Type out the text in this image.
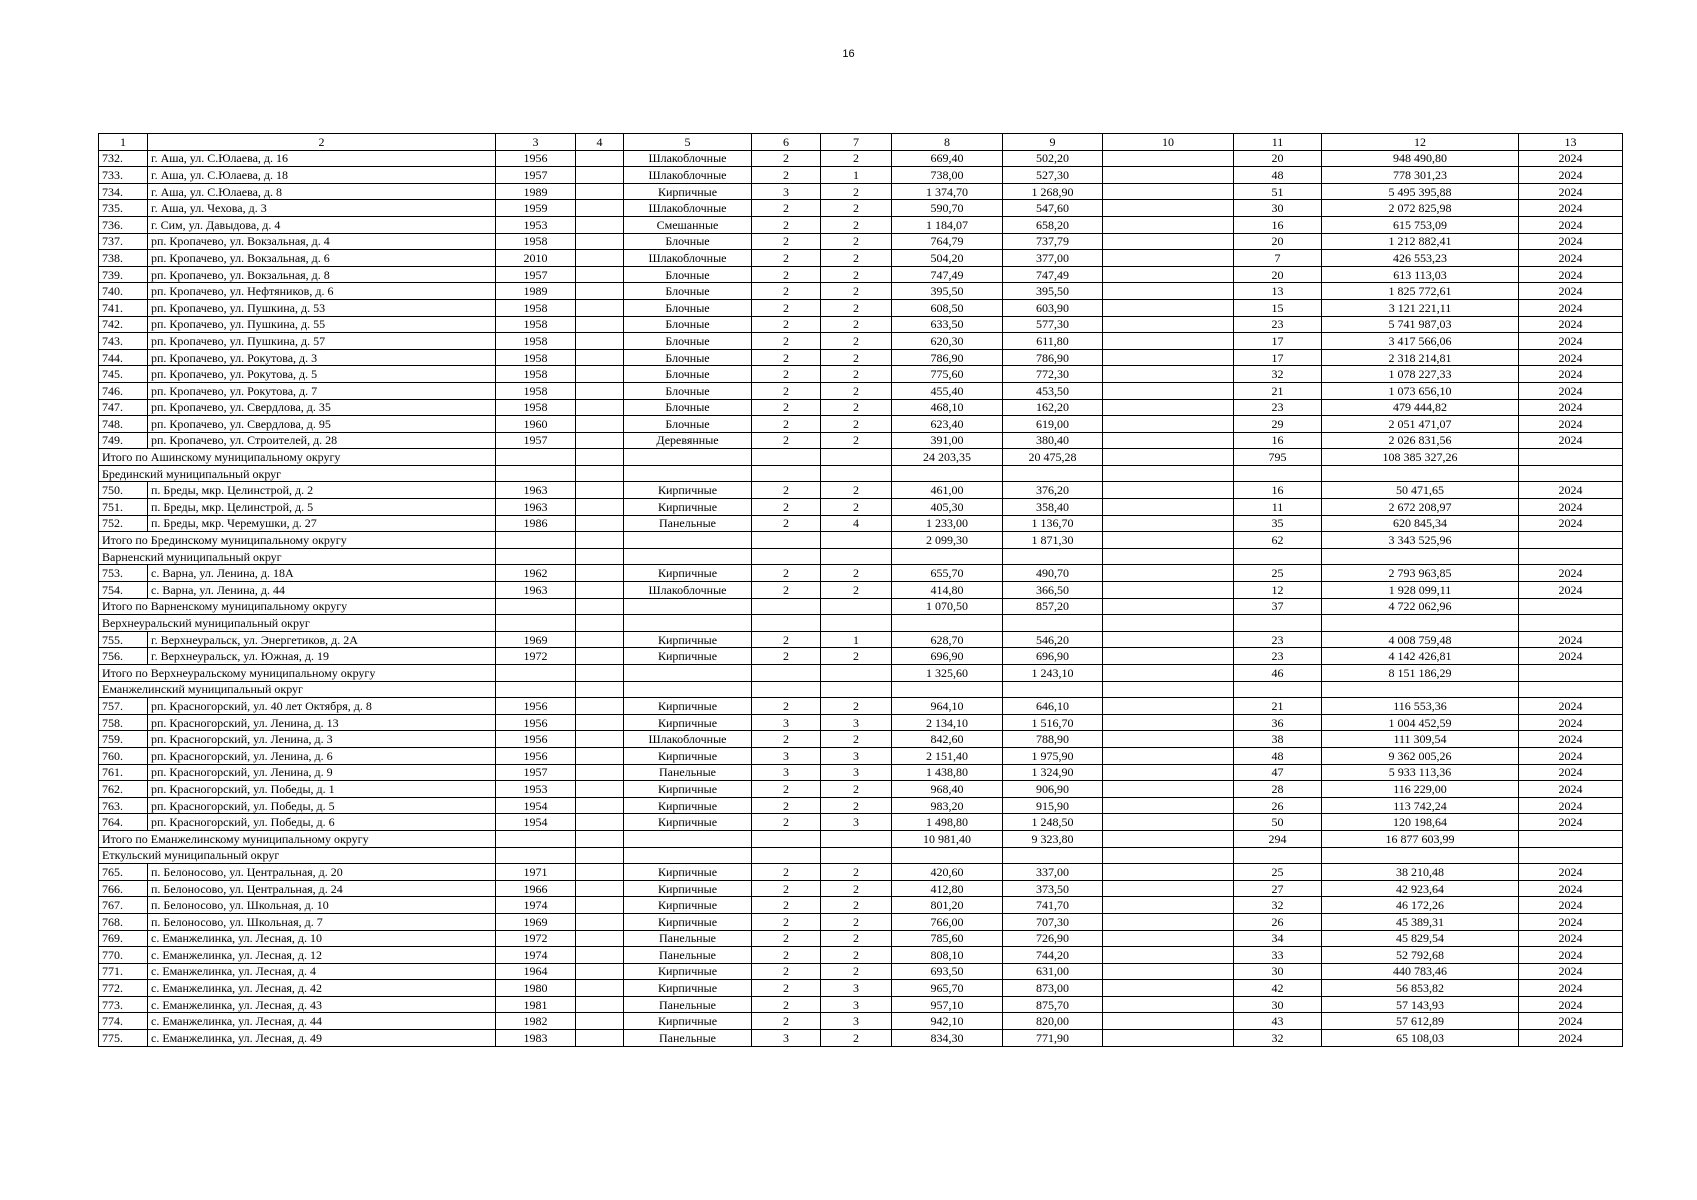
16
1	2	3	4	5	6	7	8	9	10	11	12	13
732.	г. Аша, ул. С.Юлаева, д. 16	1956		Шлакоблочные	2	2	669,40	502,20		20	948 490,80	2024
733.	г. Аша, ул. С.Юлаева, д. 18	1957		Шлакоблочные	2	1	738,00	527,30		48	778 301,23	2024
734.	г. Аша, ул. С.Юлаева, д. 8	1989		Кирпичные	3	2	1 374,70	1 268,90		51	5 495 395,88	2024
735.	г. Аша, ул. Чехова, д. 3	1959		Шлакоблочные	2	2	590,70	547,60		30	2 072 825,98	2024
736.	г. Сим, ул. Давыдова, д. 4	1953		Смешанные	2	2	1 184,07	658,20		16	615 753,09	2024
737.	рп. Кропачево, ул. Вокзальная, д. 4	1958		Блочные	2	2	764,79	737,79		20	1 212 882,41	2024
738.	рп. Кропачево, ул. Вокзальная, д. 6	2010		Шлакоблочные	2	2	504,20	377,00		7	426 553,23	2024
739.	рп. Кропачево, ул. Вокзальная, д. 8	1957		Блочные	2	2	747,49	747,49		20	613 113,03	2024
740.	рп. Кропачево, ул. Нефтяников, д. 6	1989		Блочные	2	2	395,50	395,50		13	1 825 772,61	2024
741.	рп. Кропачево, ул. Пушкина, д. 53	1958		Блочные	2	2	608,50	603,90		15	3 121 221,11	2024
742.	рп. Кропачево, ул. Пушкина, д. 55	1958		Блочные	2	2	633,50	577,30		23	5 741 987,03	2024
743.	рп. Кропачево, ул. Пушкина, д. 57	1958		Блочные	2	2	620,30	611,80		17	3 417 566,06	2024
744.	рп. Кропачево, ул. Рокутова, д. 3	1958		Блочные	2	2	786,90	786,90		17	2 318 214,81	2024
745.	рп. Кропачево, ул. Рокутова, д. 5	1958		Блочные	2	2	775,60	772,30		32	1 078 227,33	2024
746.	рп. Кропачево, ул. Рокутова, д. 7	1958		Блочные	2	2	455,40	453,50		21	1 073 656,10	2024
747.	рп. Кропачево, ул. Свердлова, д. 35	1958		Блочные	2	2	468,10	162,20		23	479 444,82	2024
748.	рп. Кропачево, ул. Свердлова, д. 95	1960		Блочные	2	2	623,40	619,00		29	2 051 471,07	2024
749.	рп. Кропачево, ул. Строителей, д. 28	1957		Деревянные	2	2	391,00	380,40		16	2 026 831,56	2024
Итого по Ашинскому муниципальному округу							24 203,35	20 475,28		795	108 385 327,26	
Брединский муниципальный округ												
750.	п. Бреды, мкр. Целинстрой, д. 2	1963		Кирпичные	2	2	461,00	376,20		16	50 471,65	2024
751.	п. Бреды, мкр. Целинстрой, д. 5	1963		Кирпичные	2	2	405,30	358,40		11	2 672 208,97	2024
752.	п. Бреды, мкр. Черемушки, д. 27	1986		Панельные	2	4	1 233,00	1 136,70		35	620 845,34	2024
Итого по Брединскому муниципальному округу							2 099,30	1 871,30		62	3 343 525,96	
Варненский муниципальный округ												
753.	с. Варна, ул. Ленина, д. 18А	1962		Кирпичные	2	2	655,70	490,70		25	2 793 963,85	2024
754.	с. Варна, ул. Ленина, д. 44	1963		Шлакоблочные	2	2	414,80	366,50		12	1 928 099,11	2024
Итого по Варненскому муниципальному округу							1 070,50	857,20		37	4 722 062,96	
Верхнеуральский муниципальный округ												
755.	г. Верхнеуральск, ул. Энергетиков, д. 2А	1969		Кирпичные	2	1	628,70	546,20		23	4 008 759,48	2024
756.	г. Верхнеуральск, ул. Южная, д. 19	1972		Кирпичные	2	2	696,90	696,90		23	4 142 426,81	2024
Итого по Верхнеуральскому муниципальному округу							1 325,60	1 243,10		46	8 151 186,29	
Еманжелинский муниципальный округ												
757.	рп. Красногорский, ул. 40 лет Октября, д. 8	1956		Кирпичные	2	2	964,10	646,10		21	116 553,36	2024
758.	рп. Красногорский, ул. Ленина, д. 13	1956		Кирпичные	3	3	2 134,10	1 516,70		36	1 004 452,59	2024
759.	рп. Красногорский, ул. Ленина, д. 3	1956		Шлакоблочные	2	2	842,60	788,90		38	111 309,54	2024
760.	рп. Красногорский, ул. Ленина, д. 6	1956		Кирпичные	3	3	2 151,40	1 975,90		48	9 362 005,26	2024
761.	рп. Красногорский, ул. Ленина, д. 9	1957		Панельные	3	3	1 438,80	1 324,90		47	5 933 113,36	2024
762.	рп. Красногорский, ул. Победы, д. 1	1953		Кирпичные	2	2	968,40	906,90		28	116 229,00	2024
763.	рп. Красногорский, ул. Победы, д. 5	1954		Кирпичные	2	2	983,20	915,90		26	113 742,24	2024
764.	рп. Красногорский, ул. Победы, д. 6	1954		Кирпичные	2	3	1 498,80	1 248,50		50	120 198,64	2024
Итого по Еманжелинскому муниципальному округу							10 981,40	9 323,80		294	16 877 603,99	
Еткульский муниципальный округ												
765.	п. Белоносово, ул. Центральная, д. 20	1971		Кирпичные	2	2	420,60	337,00		25	38 210,48	2024
766.	п. Белоносово, ул. Центральная, д. 24	1966		Кирпичные	2	2	412,80	373,50		27	42 923,64	2024
767.	п. Белоносово, ул. Школьная, д. 10	1974		Кирпичные	2	2	801,20	741,70		32	46 172,26	2024
768.	п. Белоносово, ул. Школьная, д. 7	1969		Кирпичные	2	2	766,00	707,30		26	45 389,31	2024
769.	с. Еманжелинка, ул. Лесная, д. 10	1972		Панельные	2	2	785,60	726,90		34	45 829,54	2024
770.	с. Еманжелинка, ул. Лесная, д. 12	1974		Панельные	2	2	808,10	744,20		33	52 792,68	2024
771.	с. Еманжелинка, ул. Лесная, д. 4	1964		Кирпичные	2	2	693,50	631,00		30	440 783,46	2024
772.	с. Еманжелинка, ул. Лесная, д. 42	1980		Кирпичные	2	3	965,70	873,00		42	56 853,82	2024
773.	с. Еманжелинка, ул. Лесная, д. 43	1981		Панельные	2	3	957,10	875,70		30	57 143,93	2024
774.	с. Еманжелинка, ул. Лесная, д. 44	1982		Кирпичные	2	3	942,10	820,00		43	57 612,89	2024
775.	с. Еманжелинка, ул. Лесная, д. 49	1983		Панельные	3	2	834,30	771,90		32	65 108,03	2024
